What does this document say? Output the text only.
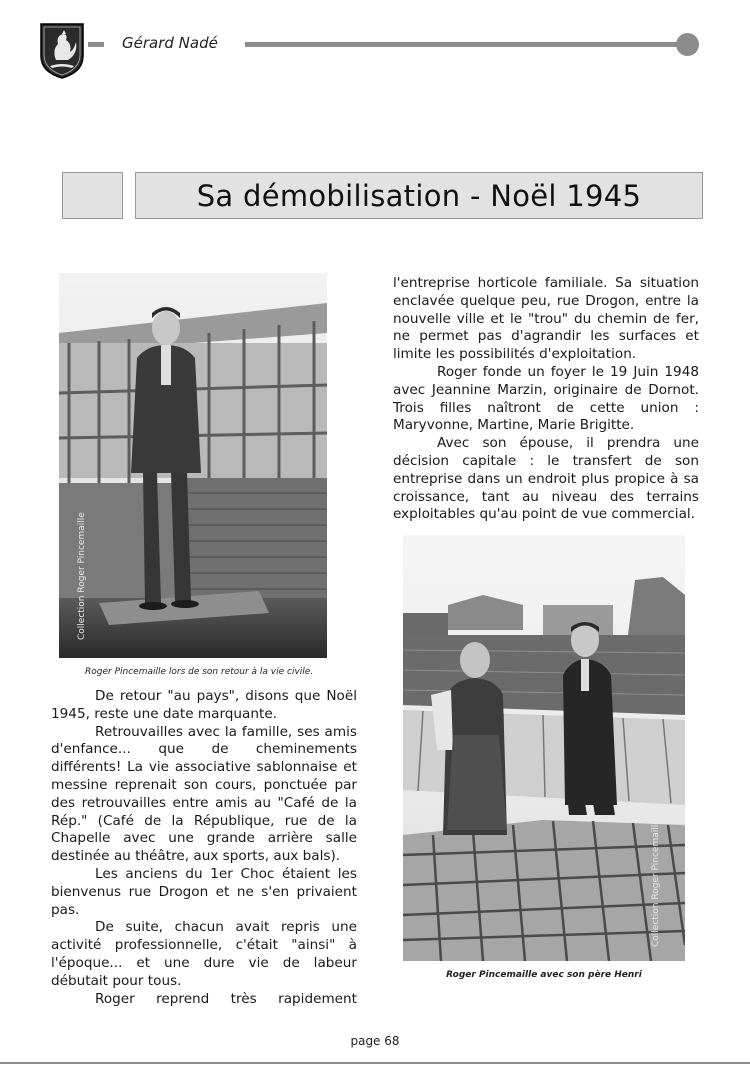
Gérard Nadé
Sa démobilisation - Noël 1945
Collection Roger Pincemaille
Roger Pincemaille lors de son retour à la vie civile.
Collection Roger Pincemaille
Roger Pincemaille avec son père Henri

De retour "au pays", disons que Noël 1945, reste une date marquante.

Retrouvailles avec la famille, ses amis d'enfance... que de cheminements différents! La vie associative sablonnaise et messine reprenait son cours, ponctuée par des retrouvailles entre amis au "Café de la Rép." (Café de la République, rue de la Chapelle avec une grande arrière salle destinée au théâtre, aux sports, aux bals).

Les anciens du 1er Choc étaient les bienvenus rue Drogon et ne s'en privaient pas.

De suite, chacun avait repris une activité professionnelle, c'était "ainsi" à l'époque... et une dure vie de labeur débutait pour tous.

Roger reprend très rapidement

l'entreprise horticole familiale. Sa situation enclavée quelque peu, rue Drogon, entre la nouvelle ville et le "trou" du chemin de fer, ne permet pas d'agrandir les surfaces et limite les possibilités d'exploitation.

Roger fonde un foyer le 19 Juin 1948 avec Jeannine Marzin, originaire de Dornot. Trois filles naîtront de cette union : Maryvonne, Martine, Marie Brigitte.

Avec son épouse, il prendra une décision capitale : le transfert de son entreprise dans un endroit plus propice à sa croissance, tant au niveau des terrains exploitables qu'au point de vue commercial.

page 68
